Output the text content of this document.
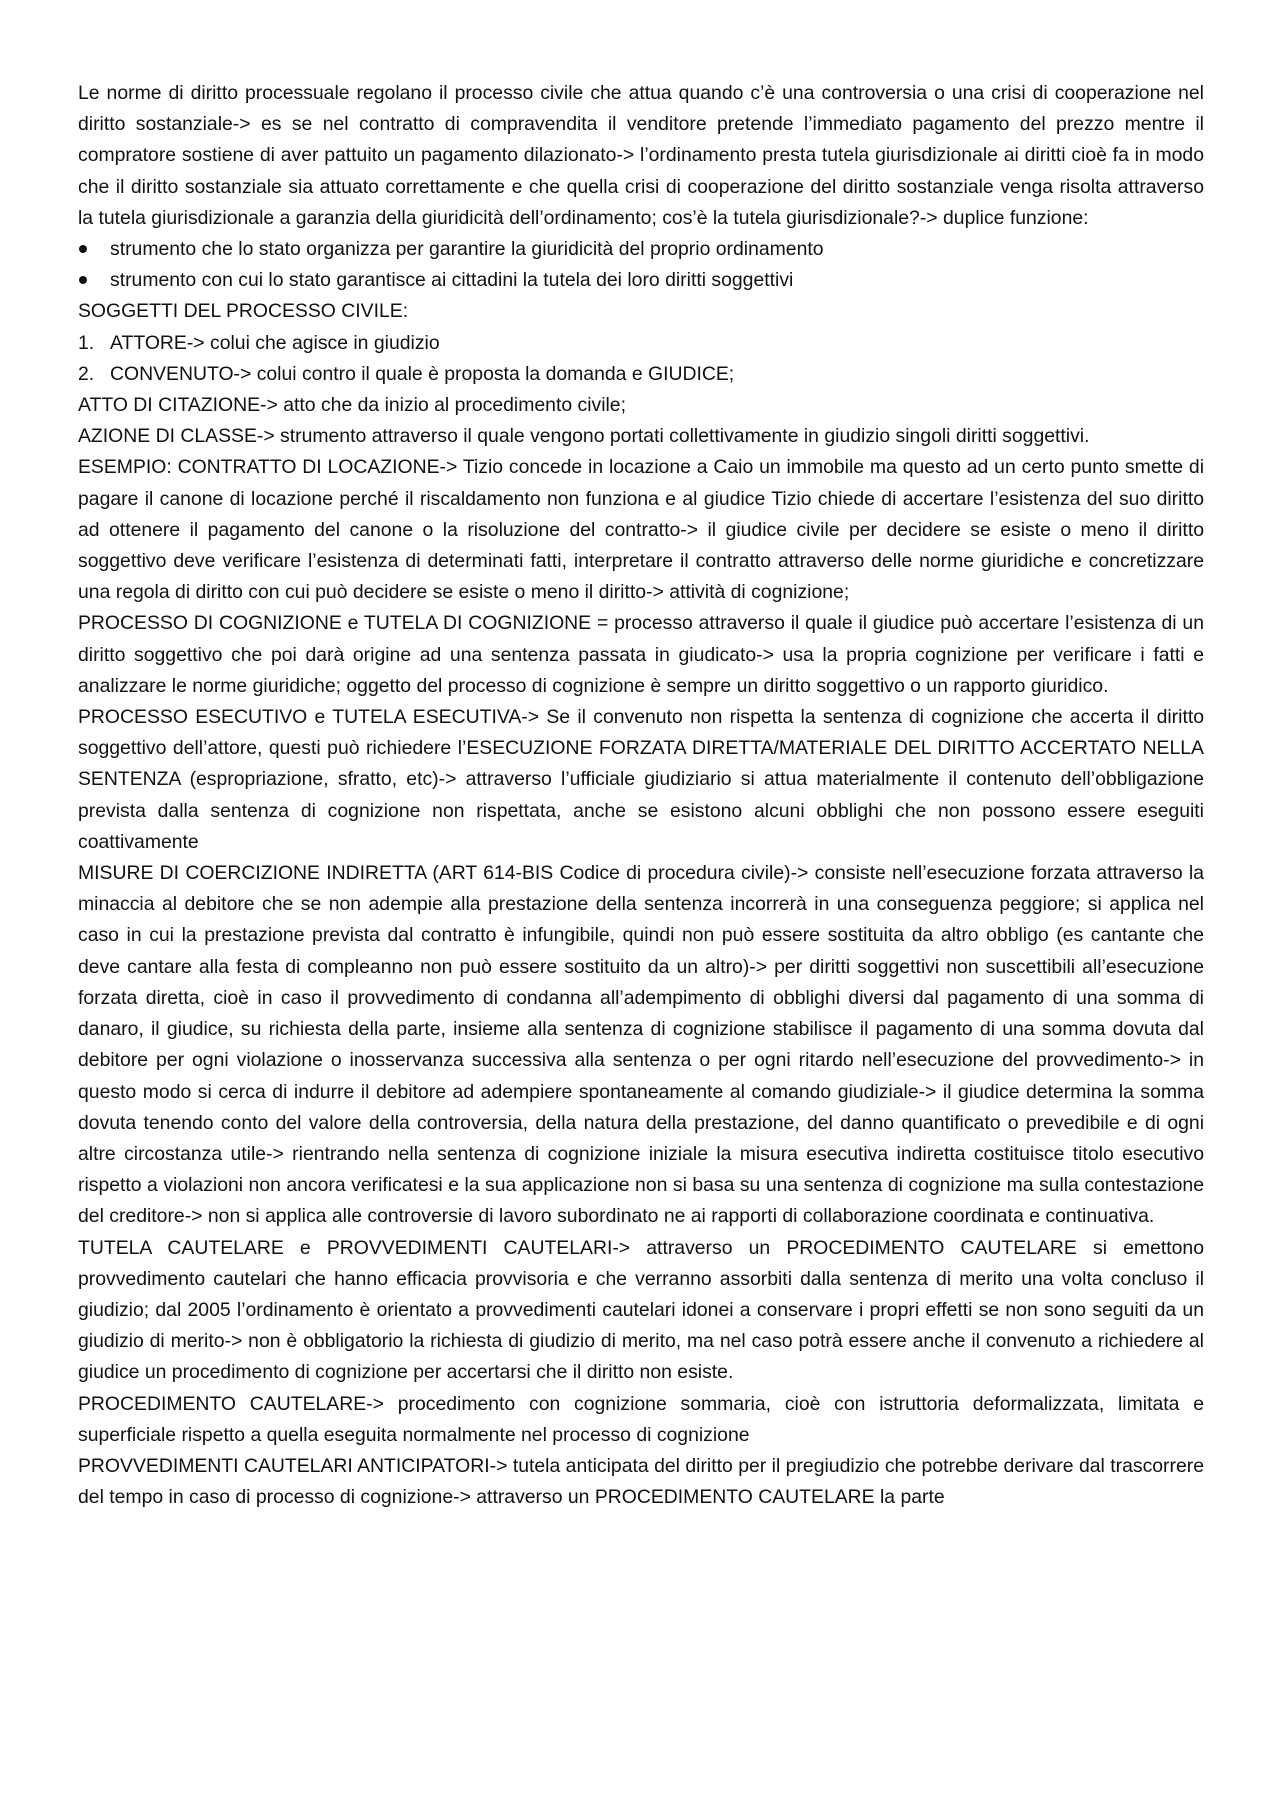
Le norme di diritto processuale regolano il processo civile che attua quando c’è una controversia o una crisi di cooperazione nel diritto sostanziale-> es se nel contratto di compravendita il venditore pretende l’immediato pagamento del prezzo mentre il compratore sostiene di aver pattuito un pagamento dilazionato-> l’ordinamento presta tutela giurisdizionale ai diritti cioè fa in modo che il diritto sostanziale sia attuato correttamente e che quella crisi di cooperazione del diritto sostanziale venga risolta attraverso la tutela giurisdizionale a garanzia della giuridicità dell’ordinamento; cos’è la tutela giurisdizionale?-> duplice funzione:

strumento che lo stato organizza per garantire la giuridicità del proprio ordinamento
strumento con cui lo stato garantisce ai cittadini la tutela dei loro diritti soggettivi

SOGGETTI DEL PROCESSO CIVILE:

1. ATTORE-> colui che agisce in giudizio
2. CONVENUTO-> colui contro il quale è proposta la domanda e GIUDICE;

ATTO DI CITAZIONE-> atto che da inizio al procedimento civile;

AZIONE DI CLASSE-> strumento attraverso il quale vengono portati collettivamente in giudizio singoli diritti soggettivi.

ESEMPIO: CONTRATTO DI LOCAZIONE-> Tizio concede in locazione a Caio un immobile ma questo ad un certo punto smette di pagare il canone di locazione perché il riscaldamento non funziona e al giudice Tizio chiede di accertare l’esistenza del suo diritto ad ottenere il pagamento del canone o la risoluzione del contratto-> il giudice civile per decidere se esiste o meno il diritto soggettivo deve verificare l’esistenza di determinati fatti, interpretare il contratto attraverso delle norme giuridiche e concretizzare una regola di diritto con cui può decidere se esiste o meno il diritto-> attività di cognizione;

PROCESSO DI COGNIZIONE e TUTELA DI COGNIZIONE = processo attraverso il quale il giudice può accertare l’esistenza di un diritto soggettivo che poi darà origine ad una sentenza passata in giudicato-> usa la propria cognizione per verificare i fatti e analizzare le norme giuridiche; oggetto del processo di cognizione è sempre un diritto soggettivo o un rapporto giuridico.

PROCESSO ESECUTIVO e TUTELA ESECUTIVA-> Se il convenuto non rispetta la sentenza di cognizione che accerta il diritto soggettivo dell’attore, questi può richiedere l’ESECUZIONE FORZATA DIRETTA/MATERIALE DEL DIRITTO ACCERTATO NELLA SENTENZA (espropriazione, sfratto, etc)-> attraverso l’ufficiale giudiziario si attua materialmente il contenuto dell’obbligazione prevista dalla sentenza di cognizione non rispettata, anche se esistono alcuni obblighi che non possono essere eseguiti coattivamente

MISURE DI COERCIZIONE INDIRETTA (ART 614-BIS Codice di procedura civile)-> consiste nell’esecuzione forzata attraverso la minaccia al debitore che se non adempie alla prestazione della sentenza incorrerà in una conseguenza peggiore; si applica nel caso in cui la prestazione prevista dal contratto è infungibile, quindi non può essere sostituita da altro obbligo (es cantante che deve cantare alla festa di compleanno non può essere sostituito da un altro)-> per diritti soggettivi non suscettibili all’esecuzione forzata diretta, cioè in caso il provvedimento di condanna all’adempimento di obblighi diversi dal pagamento di una somma di danaro, il giudice, su richiesta della parte, insieme alla sentenza di cognizione stabilisce il pagamento di una somma dovuta dal debitore per ogni violazione o inosservanza successiva alla sentenza o per ogni ritardo nell’esecuzione del provvedimento-> in questo modo si cerca di indurre il debitore ad adempiere spontaneamente al comando giudiziale-> il giudice determina la somma dovuta tenendo conto del valore della controversia, della natura della prestazione, del danno quantificato o prevedibile e di ogni altre circostanza utile-> rientrando nella sentenza di cognizione iniziale la misura esecutiva indiretta costituisce titolo esecutivo rispetto a violazioni non ancora verificatesi e la sua applicazione non si basa su una sentenza di cognizione ma sulla contestazione del creditore-> non si applica alle controversie di lavoro subordinato ne ai rapporti di collaborazione coordinata e continuativa.

TUTELA CAUTELARE e PROVVEDIMENTI CAUTELARI-> attraverso un PROCEDIMENTO CAUTELARE si emettono provvedimento cautelari che hanno efficacia provvisoria e che verranno assorbiti dalla sentenza di merito una volta concluso il giudizio; dal 2005 l’ordinamento è orientato a provvedimenti cautelari idonei a conservare i propri effetti se non sono seguiti da un giudizio di merito-> non è obbligatorio la richiesta di giudizio di merito, ma nel caso potrà essere anche il convenuto a richiedere al giudice un procedimento di cognizione per accertarsi che il diritto non esiste.

PROCEDIMENTO CAUTELARE-> procedimento con cognizione sommaria, cioè con istruttoria deformalizzata, limitata e superficiale rispetto a quella eseguita normalmente nel processo di cognizione

PROVVEDIMENTI CAUTELARI ANTICIPATORI-> tutela anticipata del diritto per il pregiudizio che potrebbe derivare dal trascorrere del tempo in caso di processo di cognizione-> attraverso un PROCEDIMENTO CAUTELARE la parte
